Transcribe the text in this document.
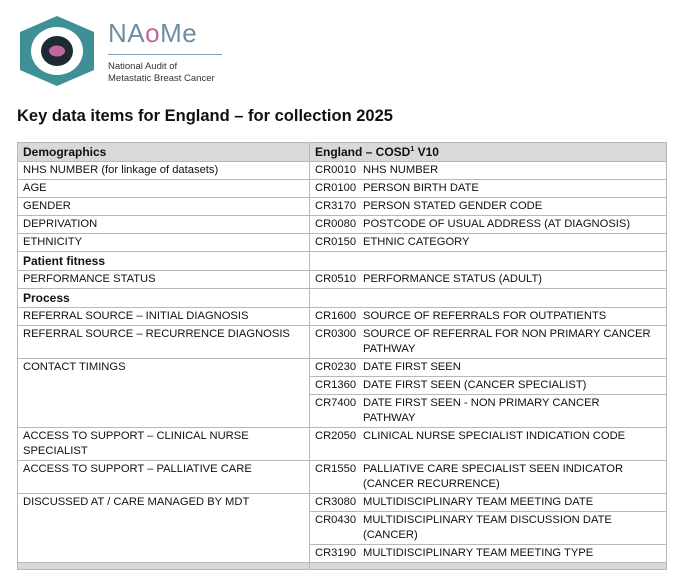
NAoMe
National Audit of
Metastatic Breast Cancer
Key data items for England – for collection 2025
Demographics	England – COSD$^1$ V10
NHS NUMBER (for linkage of datasets)	CR0010 NHS NUMBER
AGE	CR0100 PERSON BIRTH DATE
GENDER	CR3170 PERSON STATED GENDER CODE
DEPRIVATION	CR0080 POSTCODE OF USUAL ADDRESS (AT DIAGNOSIS)
ETHNICITY	CR0150 ETHNIC CATEGORY
Patient fitness	
PERFORMANCE STATUS	CR0510 PERFORMANCE STATUS (ADULT)
Process	
REFERRAL SOURCE – INITIAL DIAGNOSIS	CR1600 SOURCE OF REFERRALS FOR OUTPATIENTS
REFERRAL SOURCE – RECURRENCE DIAGNOSIS	CR0300 SOURCE OF REFERRAL FOR NON PRIMARY CANCER PATHWAY
CONTACT TIMINGS	CR0230 DATE FIRST SEEN
	CR1360 DATE FIRST SEEN (CANCER SPECIALIST)
	CR7400 DATE FIRST SEEN - NON PRIMARY CANCER PATHWAY
ACCESS TO SUPPORT – CLINICAL NURSE SPECIALIST	CR2050 CLINICAL NURSE SPECIALIST INDICATION CODE
ACCESS TO SUPPORT – PALLIATIVE CARE	CR1550 PALLIATIVE CARE SPECIALIST SEEN INDICATOR (CANCER RECURRENCE)
DISCUSSED AT / CARE MANAGED BY MDT	CR3080 MULTIDISCIPLINARY TEAM MEETING DATE
	CR0430 MULTIDISCIPLINARY TEAM DISCUSSION DATE (CANCER)
	CR3190 MULTIDISCIPLINARY TEAM MEETING TYPE
